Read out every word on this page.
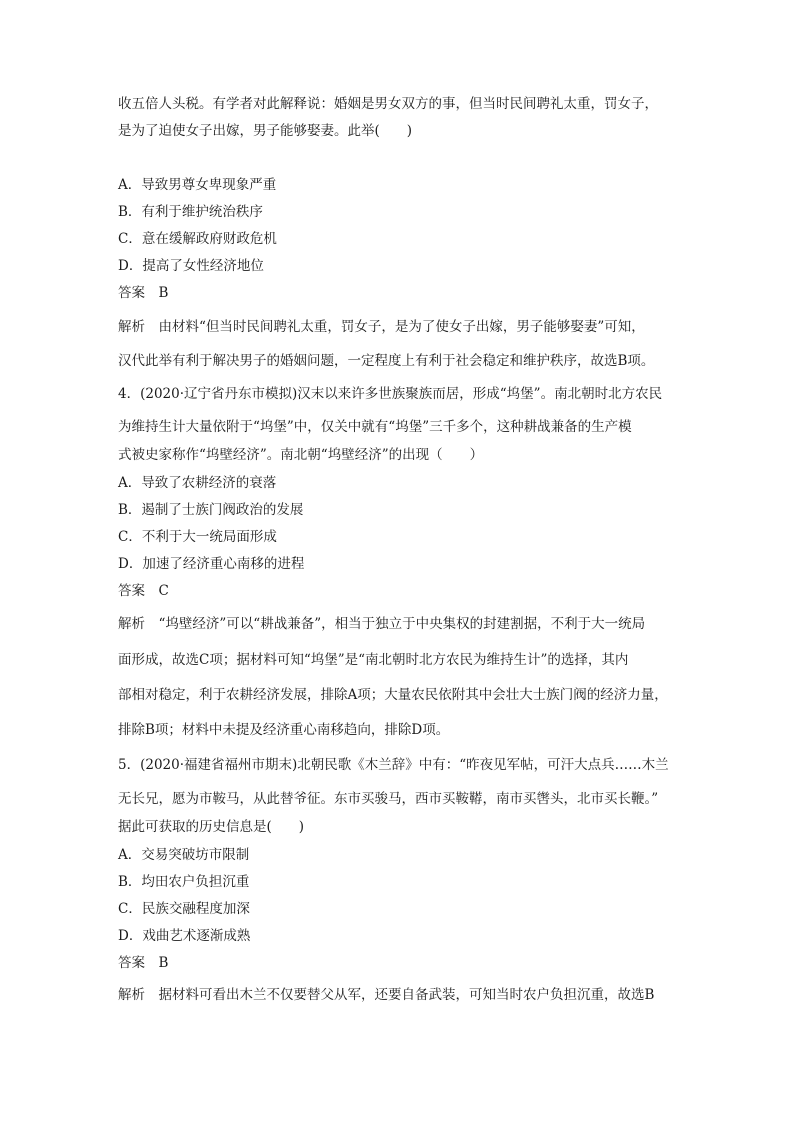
收五倍人头税。有学者对此解释说：婚姻是男女双方的事，但当时民间聘礼太重，罚女子，
是为了迫使女子出嫁，男子能够娶妻。此举(　　)
A．导致男尊女卑现象严重
B．有利于维护统治秩序
C．意在缓解政府财政危机
D．提高了女性经济地位
答案　B
解析　由材料“但当时民间聘礼太重，罚女子，是为了使女子出嫁，男子能够娶妻”可知，
汉代此举有利于解决男子的婚姻问题，一定程度上有利于社会稳定和维护秩序，故选B项。
4．(2020·辽宁省丹东市模拟)汉末以来许多世族聚族而居，形成“坞堡”。南北朝时北方农民
为维持生计大量依附于“坞堡”中，仅关中就有“坞堡”三千多个，这种耕战兼备的生产模
式被史家称作“坞壁经济”。南北朝“坞壁经济”的出现（　　）
A．导致了农耕经济的衰落
B．遏制了士族门阀政治的发展
C．不利于大一统局面形成
D．加速了经济重心南移的进程
答案　C
解析　“坞壁经济”可以“耕战兼备”，相当于独立于中央集权的封建割据，不利于大一统局
面形成，故选C项；据材料可知“坞堡”是“南北朝时北方农民为维持生计”的选择，其内
部相对稳定，利于农耕经济发展，排除A项；大量农民依附其中会壮大士族门阀的经济力量，
排除B项；材料中未提及经济重心南移趋向，排除D项。
5．(2020·福建省福州市期末)北朝民歌《木兰辞》中有：“昨夜见军帖，可汗大点兵……木兰
无长兄，愿为市鞍马，从此替爷征。东市买骏马，西市买鞍鞯，南市买辔头，北市买长鞭。”
据此可获取的历史信息是(　　)
A．交易突破坊市限制
B．均田农户负担沉重
C．民族交融程度加深
D．戏曲艺术逐渐成熟
答案　B
解析　据材料可看出木兰不仅要替父从军，还要自备武装，可知当时农户负担沉重，故选B
